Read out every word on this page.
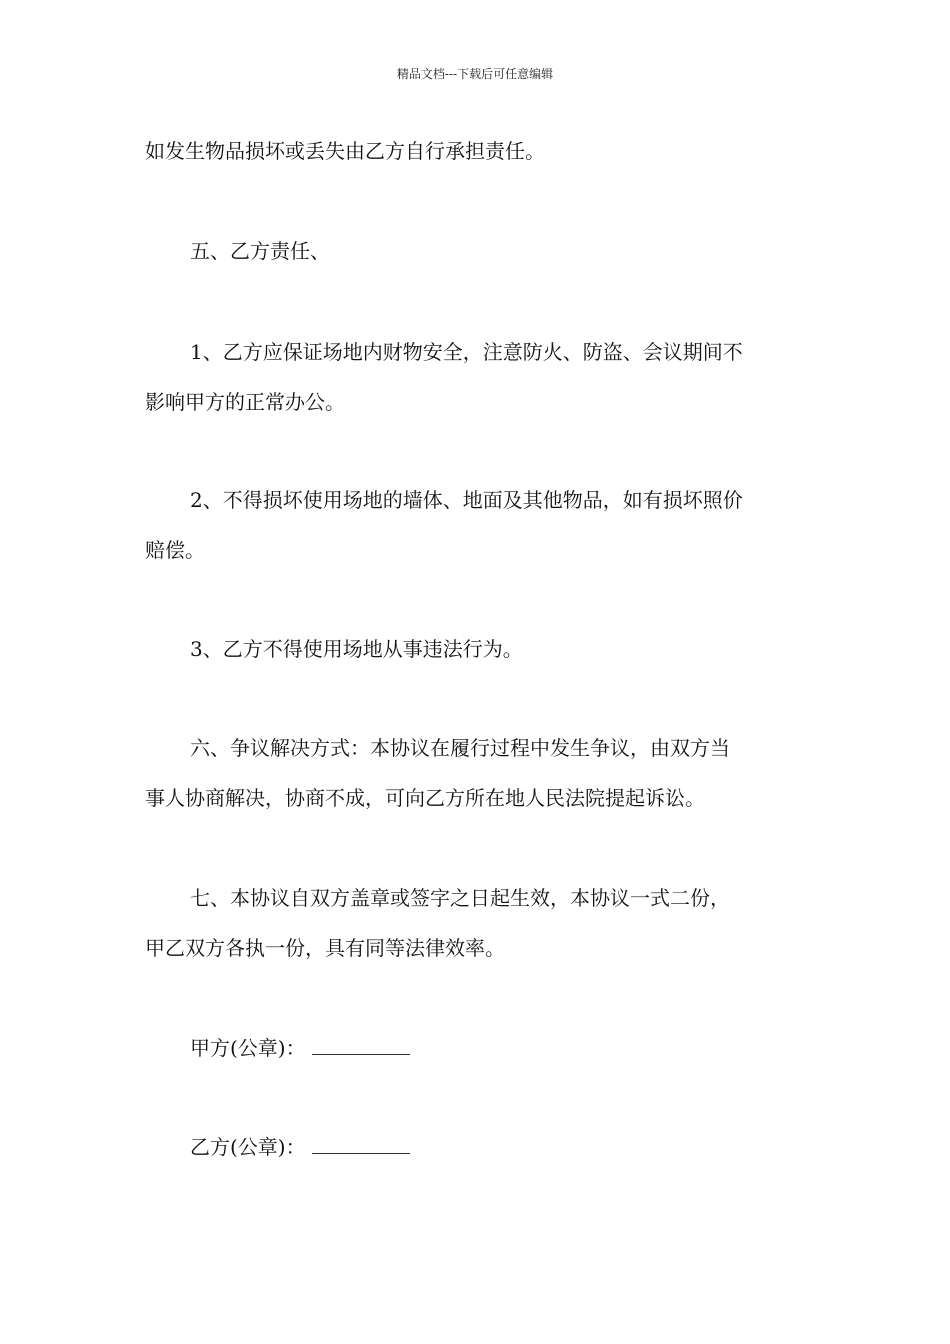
精品文档---下载后可任意编辑

如发生物品损坏或丢失由乙方自行承担责任。

五、乙方责任、

1、乙方应保证场地内财物安全，注意防火、防盗、会议期间不
影响甲方的正常办公。

2、不得损坏使用场地的墙体、地面及其他物品，如有损坏照价
赔偿。

3、乙方不得使用场地从事违法行为。

六、争议解决方式：本协议在履行过程中发生争议，由双方当
事人协商解决，协商不成，可向乙方所在地人民法院提起诉讼。

七、本协议自双方盖章或签字之日起生效，本协议一式二份，
甲乙双方各执一份，具有同等法律效率。

甲方(公章)：
乙方(公章)：
